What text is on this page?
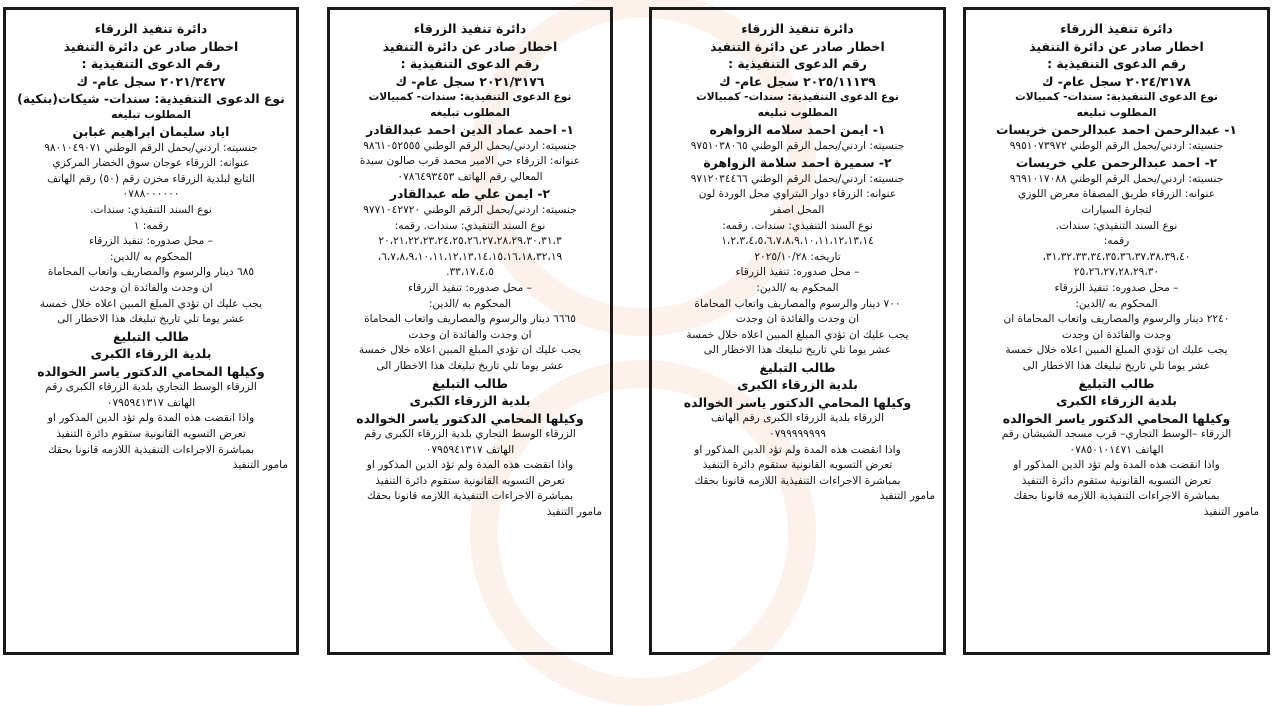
دائرة تنفيذ الزرقاء
اخطار صادر عن دائرة التنفيذ
رقم الدعوى التنفيذية :
٢٠٢٤/٣١٧٨ سجل عام- ك
نوع الدعوى التنفيذية: سندات- كمبيالات
المطلوب تبليغه
١- عبدالرحمن احمد عبدالرحمن خريسات
جنسيته: اردني/يحمل الرقم الوطني ٩٩٥١٠٧٣٩٧٢
٢- احمد عبدالرحمن علي خريسات
جنسيته: اردني/يحمل الرقم الوطني ٩٦٩١٠١٧٠٨٨
عنوانه: الزرقاء طريق المصفاة معرض اللوزي
لتجارة السيارات
نوع السند التنفيذي: سندات.
رقمه:
٣١،٣٢،٣٣،٣٤،٣٥،٣٦،٣٧،٣٨،٣٩،٤٠،
٢٥،٢٦،٢٧،٢٨،٢٩،٣٠
– محل صدوره: تنفيذ الزرقاء
المحكوم به /الدين:
٢٢٤٠ دينار والرسوم والمصاريف واتعاب المحاماة ان
وجدت والفائدة ان وجدت
يجب عليك ان تؤدي المبلغ المبين اعلاه خلال خمسة
عشر يوما تلي تاريخ تبليغك هذا الاخطار الى
طالب التبليغ
بلدية الزرقاء الكبرى
وكيلها المحامي الدكتور ياسر الخوالده
الزرقاء –الوسط التجاري– قرب مسجد الشيشان رقم
الهاتف ٠٧٨٥٠١٠١٤٧١
واذا انقضت هذه المدة ولم تؤد الدين المذكور او
تعرض التسويه القانونية ستقوم دائرة التنفيذ
بمباشرة الاجراءات التنفيذية اللازمه قانونا بحقك
مامور التنفيذ
دائرة تنفيذ الزرقاء
اخطار صادر عن دائرة التنفيذ
رقم الدعوى التنفيذية :
٢٠٢٥/١١١٣٩ سجل عام- ك
نوع الدعوى التنفيذية: سندات- كمبيالات
المطلوب تبليغه
١- ايمن احمد سلامه الزواهره
جنسيته: اردني/يحمل الرقم الوطني ٩٧٥١٠٣٨٠٦٥
٢- سميرة احمد سلامة الزواهرة
جنسيته: اردني/يحمل الرقم الوطني ٩٧١٢٠٣٤٤٦٦
عنوانه: الزرقاء دوار البتراوي محل الوردة لون
المحل اصفر
نوع السند التنفيذي: سندات. رقمه:
١،٢،٣،٤،٥،٦،٧،٨،٩،١٠،١١،١٢،١٣،١٤
تاريخه: ٢٠٢٥/١٠/٢٨
– محل صدوره: تنفيذ الزرقاء
المحكوم به /الدين:
٧٠٠ دينار والرسوم والمصاريف واتعاب المحاماة
ان وجدت والفائدة ان وجدت
يجب عليك ان تؤدي المبلغ المبين اعلاه خلال خمسة
عشر يوما تلي تاريخ تبليغك هذا الاخطار الى
طالب التبليغ
بلدية الزرقاء الكبرى
وكيلها المحامي الدكتور ياسر الخوالده
الزرقاء بلدية الزرقاء الكبرى رقم الهاتف
٠٧٩٩٩٩٩٩٩٩
واذا انقضت هذه المدة ولم تؤد الدين المذكور او
تعرض التسويه القانونية ستقوم دائرة التنفيذ
بمباشرة الاجراءات التنفيذية اللازمه قانونا بحقك
مامور التنفيذ
دائرة تنفيذ الزرقاء
اخطار صادر عن دائرة التنفيذ
رقم الدعوى التنفيذية :
٢٠٢١/٣١٧٦ سجل عام- ك
نوع الدعوى التنفيذية: سندات- كمبيالات
المطلوب تبليغه
١- احمد عماد الدين احمد عبدالقادر
جنسيته: اردني/يحمل الرقم الوطني ٩٨٦١٠٥٢٥٥٥
عنوانه: الزرقاء حي الامير محمد قرب صالون سيدة
المعالي رقم الهاتف ٠٧٨٦٤٩٣٤٥٣
٢- ايمن علي طه عبدالقادر
جنسيته: اردني/يحمل الرقم الوطني ٩٧٧١٠٤٢٧٢٠
نوع السند التنفيذي: سندات. رقمه:
٢٠،٢١،٢٢،٢٣،٢٤،٢٥،٢٦،٢٧،٢٨،٢٩،٣٠،٣١،٣
٦،٧،٨،٩،١٠،١١،١٢،١٣،١٤،١٥،١٦،١٨،٣٢،١٩،
٣٣،١٧،٤،٥.
– محل صدوره: تنفيذ الزرقاء
المحكوم به /الدين:
٦٦٦٥ دينار والرسوم والمصاريف واتعاب المحاماة
ان وجدت والفائدة ان وجدت
يجب عليك ان تؤدي المبلغ المبين اعلاه خلال خمسة
عشر يوما تلي تاريخ تبليغك هذا الاخطار الى
طالب التبليغ
بلدية الزرقاء الكبرى
وكيلها المحامي الدكتور ياسر الخوالده
الزرقاء الوسط التجاري بلدية الزرقاء الكبرى رقم
الهاتف ٠٧٩٥٩٤١٣١٧
واذا انقضت هذه المدة ولم تؤد الدين المذكور او
تعرض التسويه القانونية ستقوم دائرة التنفيذ
بمباشرة الاجراءات التنفيذية اللازمه قانونا بحقك
مامور التنفيذ
دائرة تنفيذ الزرقاء
اخطار صادر عن دائرة التنفيذ
رقم الدعوى التنفيذية :
٢٠٢١/٣٤٢٧ سجل عام- ك
نوع الدعوى التنفيذية: سندات- شيكات(بنكية)
المطلوب تبليغه
اياد سليمان ابراهيم غبابن
جنسيته: اردني/يحمل الرقم الوطني ٩٨٠١٠٤٩٠٧١
عنوانه: الزرقاء عوجان سوق الخضار المركزي
التابع لبلدية الزرقاء مخزن رقم (٥٠) رقم الهاتف
٠٧٨٨٠٠٠٠٠٠
نوع السند التنفيذي: سندات.
رقمه: ١
– محل صدوره: تنفيذ الزرقاء
المحكوم به /الدين:
٦٨٥ دينار والرسوم والمصاريف واتعاب المحاماة
ان وجدت والفائدة ان وجدت
يجب عليك ان تؤدي المبلغ المبين اعلاه خلال خمسة
عشر يوما تلي تاريخ تبليغك هذا الاخطار الى
طالب التبليغ
بلدية الزرقاء الكبرى
وكيلها المحامي الدكتور ياسر الخوالده
الزرقاء الوسط التجاري بلدية الزرقاء الكبرى رقم
الهاتف ٠٧٩٥٩٤١٣١٧
واذا انقضت هذه المدة ولم تؤد الدين المذكور او
تعرض التسويه القانونية ستقوم دائرة التنفيذ
بمباشرة الاجراءات التنفيذية اللازمه قانونا بحقك
مامور التنفيذ
